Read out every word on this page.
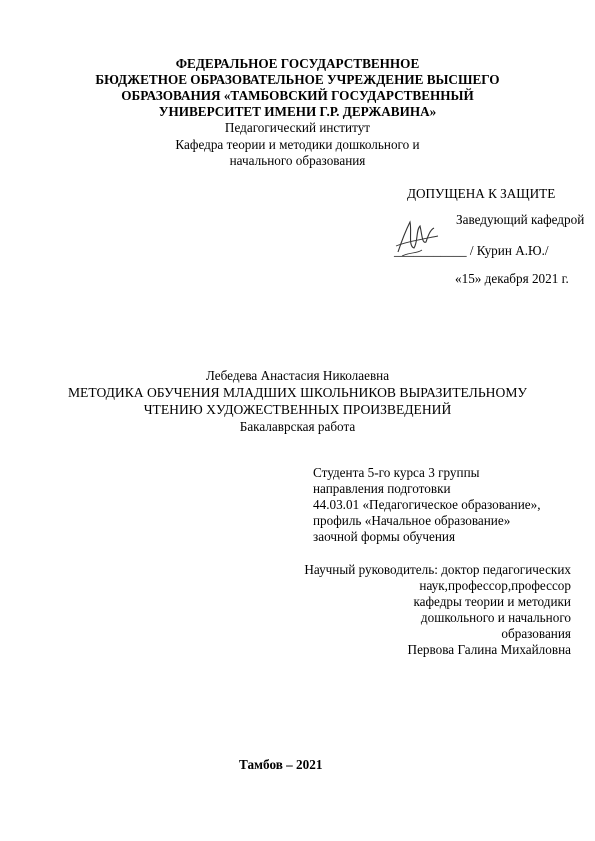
ФЕДЕРАЛЬНОЕ ГОСУДАРСТВЕННОЕ
БЮДЖЕТНОЕ ОБРАЗОВАТЕЛЬНОЕ УЧРЕЖДЕНИЕ ВЫСШЕГО
ОБРАЗОВАНИЯ «ТАМБОВСКИЙ ГОСУДАРСТВЕННЫЙ
УНИВЕРСИТЕТ ИМЕНИ Г.Р. ДЕРЖАВИНА»
Педагогический институт
Кафедра теории и методики дошкольного и
начального образования
ДОПУЩЕНА К ЗАЩИТЕ
Заведующий кафедрой
___________ / Курин А.Ю./
«15» декабря 2021 г.
Лебедева Анастасия Николаевна
МЕТОДИКА ОБУЧЕНИЯ МЛАДШИХ ШКОЛЬНИКОВ ВЫРАЗИТЕЛЬНОМУ
ЧТЕНИЮ ХУДОЖЕСТВЕННЫХ ПРОИЗВЕДЕНИЙ
Бакалаврская работа
Студента 5-го курса 3 группы
направления подготовки
44.03.01 «Педагогическое образование»,
профиль «Начальное образование»
заочной формы обучения
Научный руководитель: доктор педагогических
наук,профессор,профессор
кафедры теории и методики
дошкольного и начального
образования
Первова Галина Михайловна
Тамбов – 2021
